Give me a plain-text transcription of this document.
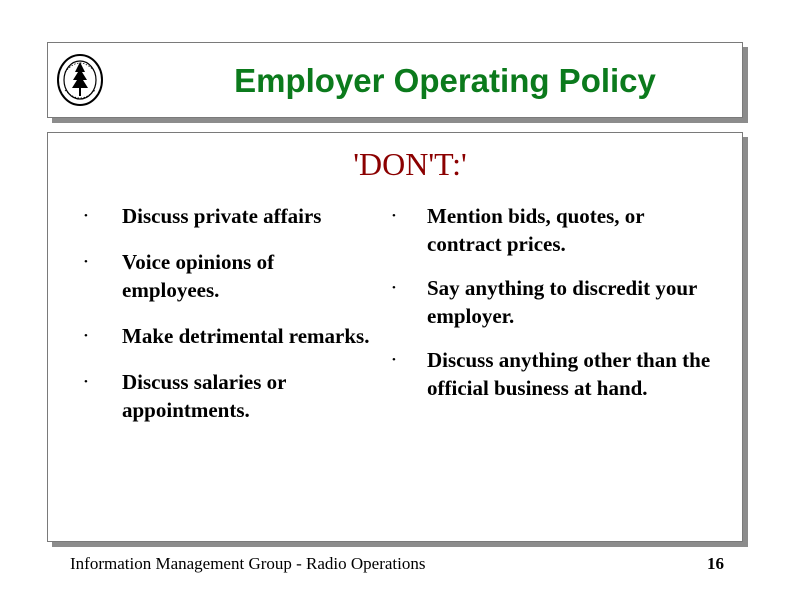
Employer Operating Policy
'DON'T:'
• Discuss private affairs
• Voice opinions of employees.
• Make detrimental remarks.
• Discuss salaries or appointments.
• Mention bids, quotes, or contract prices.
• Say anything to discredit your employer.
• Discuss anything other than the official business at hand.
Information Management Group - Radio Operations	16
